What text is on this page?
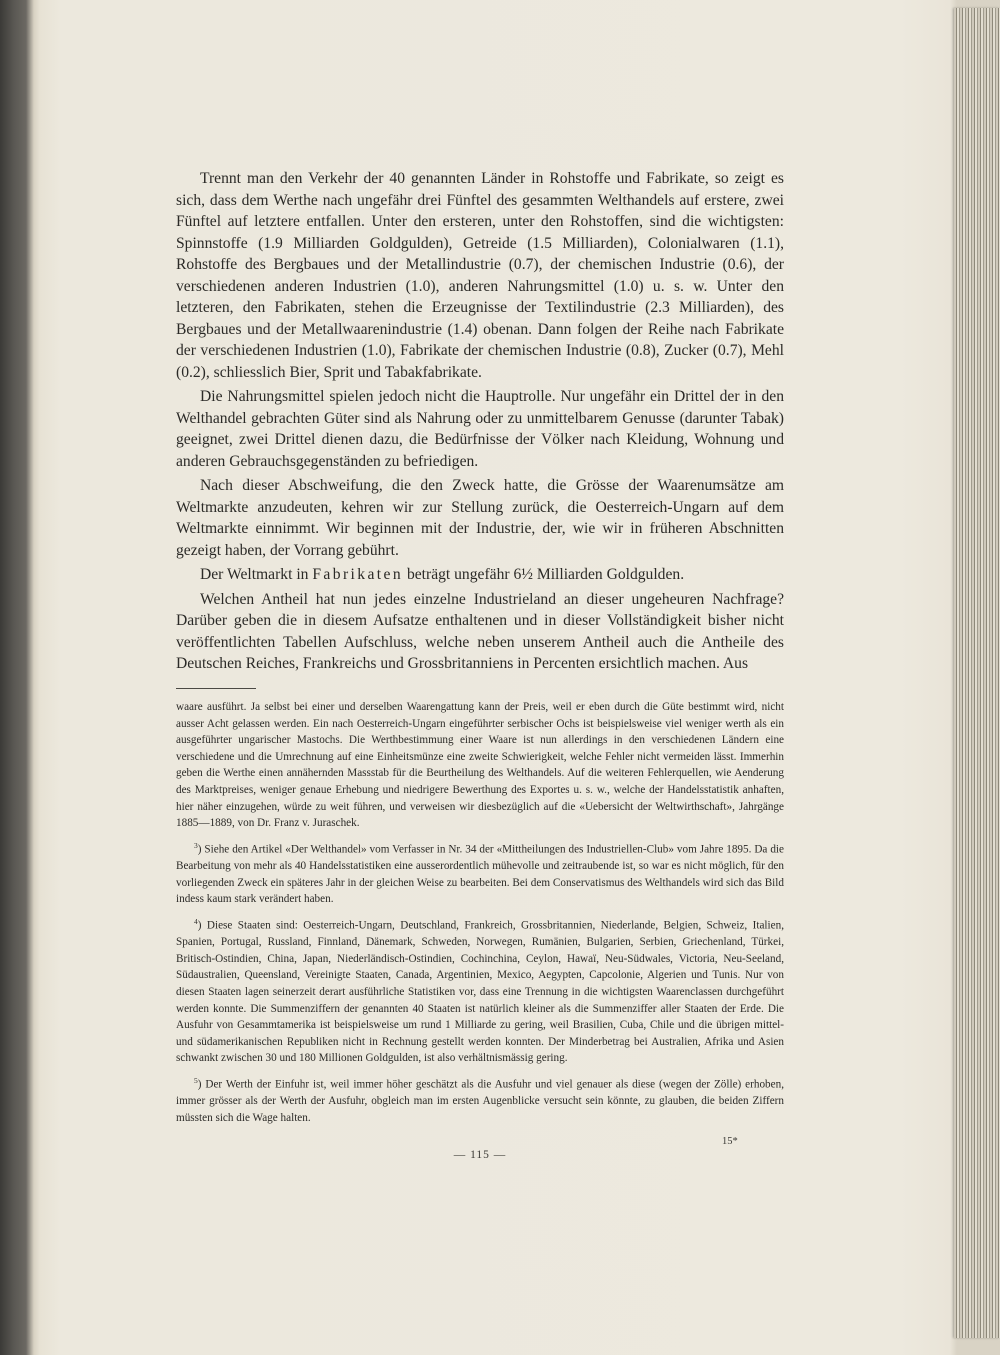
Trennt man den Verkehr der 40 genannten Länder in Rohstoffe und Fabrikate, so zeigt es sich, dass dem Werthe nach ungefähr drei Fünftel des gesammten Welthandels auf erstere, zwei Fünftel auf letztere entfallen. Unter den ersteren, unter den Rohstoffen, sind die wichtigsten: Spinnstoffe (1.9 Milliarden Goldgulden), Getreide (1.5 Milliarden), Colonialwaren (1.1), Rohstoffe des Bergbaues und der Metallindustrie (0.7), der chemischen Industrie (0.6), der verschiedenen anderen Industrien (1.0), anderen Nahrungsmittel (1.0) u. s. w. Unter den letzteren, den Fabrikaten, stehen die Erzeugnisse der Textilindustrie (2.3 Milliarden), des Bergbaues und der Metallwaarenindustrie (1.4) obenan. Dann folgen der Reihe nach Fabrikate der verschiedenen Industrien (1.0), Fabrikate der chemischen Industrie (0.8), Zucker (0.7), Mehl (0.2), schliesslich Bier, Sprit und Tabakfabrikate.

Die Nahrungsmittel spielen jedoch nicht die Hauptrolle. Nur ungefähr ein Drittel der in den Welthandel gebrachten Güter sind als Nahrung oder zu unmittelbarem Genusse (darunter Tabak) geeignet, zwei Drittel dienen dazu, die Bedürfnisse der Völker nach Kleidung, Wohnung und anderen Gebrauchsgegenständen zu befriedigen.

Nach dieser Abschweifung, die den Zweck hatte, die Grösse der Waarenumsätze am Weltmarkte anzudeuten, kehren wir zur Stellung zurück, die Oesterreich-Ungarn auf dem Weltmarkte einnimmt. Wir beginnen mit der Industrie, der, wie wir in früheren Abschnitten gezeigt haben, der Vorrang gebührt.

Der Weltmarkt in Fabrikaten beträgt ungefähr 6½ Milliarden Goldgulden.

Welchen Antheil hat nun jedes einzelne Industrieland an dieser ungeheuren Nachfrage? Darüber geben die in diesem Aufsatze enthaltenen und in dieser Vollständigkeit bisher nicht veröffentlichten Tabellen Aufschluss, welche neben unserem Antheil auch die Antheile des Deutschen Reiches, Frankreichs und Grossbritanniens in Percenten ersichtlich machen. Aus

waare ausführt. Ja selbst bei einer und derselben Waarengattung kann der Preis, weil er eben durch die Güte bestimmt wird, nicht ausser Acht gelassen werden. Ein nach Oesterreich-Ungarn eingeführter serbischer Ochs ist beispielsweise viel weniger werth als ein ausgeführter ungarischer Mastochs. Die Werthbestimmung einer Waare ist nun allerdings in den verschiedenen Ländern eine verschiedene und die Umrechnung auf eine Einheitsmünze eine zweite Schwierigkeit, welche Fehler nicht vermeiden lässt. Immerhin geben die Werthe einen annähernden Massstab für die Beurtheilung des Welthandels. Auf die weiteren Fehlerquellen, wie Aenderung des Marktpreises, weniger genaue Erhebung und niedrigere Bewerthung des Exportes u. s. w., welche der Handelsstatistik anhaften, hier näher einzugehen, würde zu weit führen, und verweisen wir diesbezüglich auf die «Uebersicht der Weltwirthschaft», Jahrgänge 1885—1889, von Dr. Franz v. Juraschek.

$^3$) Siehe den Artikel «Der Welthandel» vom Verfasser in Nr. 34 der «Mittheilungen des Industriellen-Club» vom Jahre 1895. Da die Bearbeitung von mehr als 40 Handelsstatistiken eine ausserordentlich mühevolle und zeitraubende ist, so war es nicht möglich, für den vorliegenden Zweck ein späteres Jahr in der gleichen Weise zu bearbeiten. Bei dem Conservatismus des Welthandels wird sich das Bild indess kaum stark verändert haben.

$^4$) Diese Staaten sind: Oesterreich-Ungarn, Deutschland, Frankreich, Grossbritannien, Niederlande, Belgien, Schweiz, Italien, Spanien, Portugal, Russland, Finnland, Dänemark, Schweden, Norwegen, Rumänien, Bulgarien, Serbien, Griechenland, Türkei, Britisch-Ostindien, China, Japan, Niederländisch-Ostindien, Cochinchina, Ceylon, Hawaï, Neu-Südwales, Victoria, Neu-Seeland, Südaustralien, Queensland, Vereinigte Staaten, Canada, Argentinien, Mexico, Aegypten, Capcolonie, Algerien und Tunis. Nur von diesen Staaten lagen seinerzeit derart ausführliche Statistiken vor, dass eine Trennung in die wichtigsten Waarenclassen durchgeführt werden konnte. Die Summenziffern der genannten 40 Staaten ist natürlich kleiner als die Summenziffer aller Staaten der Erde. Die Ausfuhr von Gesammtamerika ist beispielsweise um rund 1 Milliarde zu gering, weil Brasilien, Cuba, Chile und die übrigen mittel- und südamerikanischen Republiken nicht in Rechnung gestellt werden konnten. Der Minderbetrag bei Australien, Afrika und Asien schwankt zwischen 30 und 180 Millionen Goldgulden, ist also verhältnismässig gering.

$^5$) Der Werth der Einfuhr ist, weil immer höher geschätzt als die Ausfuhr und viel genauer als diese (wegen der Zölle) erhoben, immer grösser als der Werth der Ausfuhr, obgleich man im ersten Augenblicke versucht sein könnte, zu glauben, die beiden Ziffern müssten sich die Wage halten.

15*
— 115 —
